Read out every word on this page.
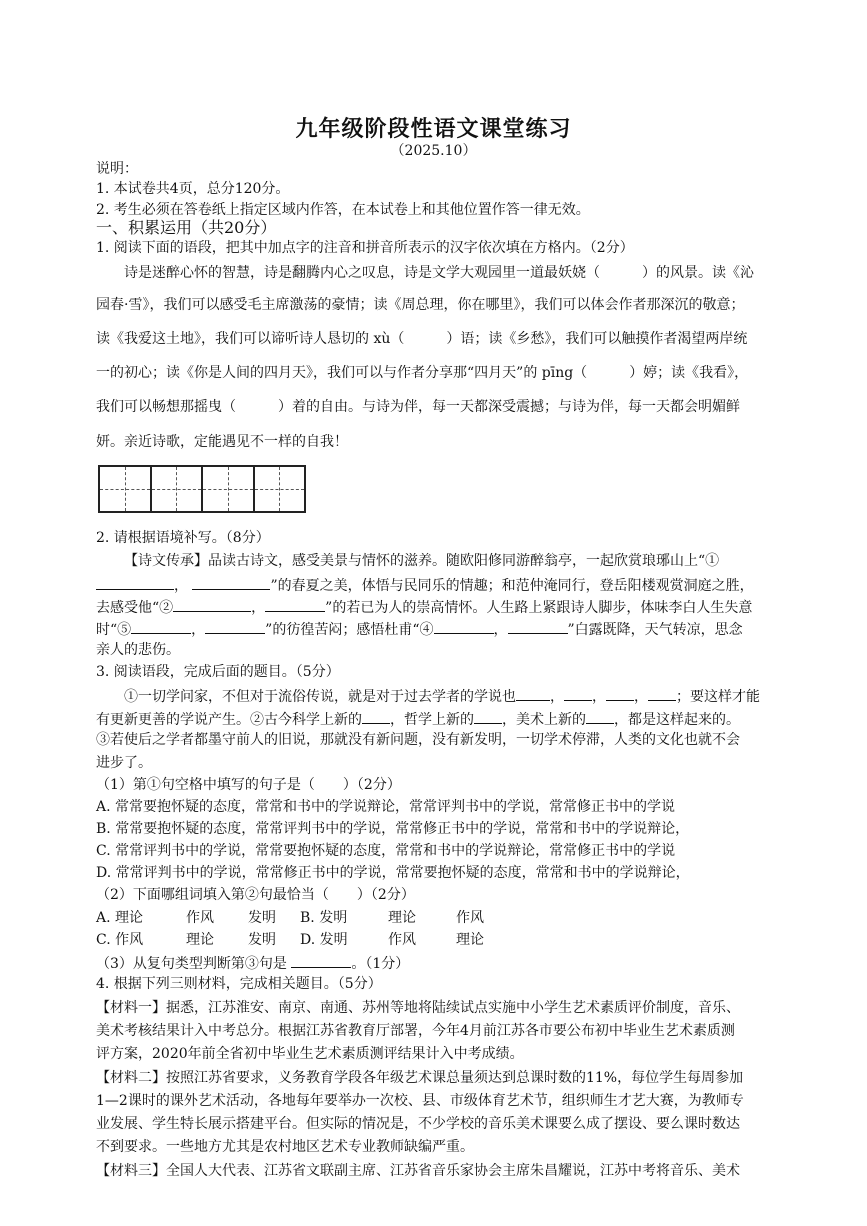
九年级阶段性语文课堂练习
（2025.10）
说明：
1. 本试卷共4页，总分120分。
2. 考生必须在答卷纸上指定区域内作答，在本试卷上和其他位置作答一律无效。
一、积累运用（共20分）
1. 阅读下面的语段，把其中加点字的注音和拼音所表示的汉字依次填在方格内。（2分）
诗是迷醉心怀的智慧，诗是翻腾内心之叹息，诗是文学大观园里一道最妖娆（	）的风景。读《沁
园春·雪》，我们可以感受毛主席激荡的豪情；读《周总理，你在哪里》，我们可以体会作者那深沉的敬意；
读《我爱这土地》，我们可以谛听诗人恳切的 xù（	）语；读《乡愁》，我们可以触摸作者渴望两岸统
一的初心；读《你是人间的四月天》，我们可以与作者分享那“四月天”的 pīng（	）婷；读《我看》，
我们可以畅想那摇曳（	）着的自由。与诗为伴，每一天都深受震撼；与诗为伴，每一天都会明媚鲜
妍。亲近诗歌，定能遇见不一样的自我！
2. 请根据语境补写。（8分）
【诗文传承】品读古诗文，感受美景与情怀的滋养。随欧阳修同游醉翁亭，一起欣赏琅琊山上“①
，	”的春夏之美，体悟与民同乐的情趣；和范仲淹同行，登岳阳楼观赏洞庭之胜，
去感受他“②	，	”的若已为人的崇高情怀。人生路上紧跟诗人脚步，体味李白人生失意
时“⑤	，	”的彷徨苦闷；感悟杜甫“④	，	”白露既降，天气转凉，思念
亲人的悲伤。
3. 阅读语段，完成后面的题目。（5分）
①一切学问家，不但对于流俗传说，就是对于过去学者的学说也 ， ， ， ；要这样才能
有更新更善的学说产生。②古今科学上新的 ，哲学上新的 ，美术上新的 ，都是这样起来的。
③若使后之学者都墨守前人的旧说，那就没有新问题，没有新发明，一切学术停滞，人类的文化也就不会
进步了。
（1）第①句空格中填写的句子是（　　）（2分）
A. 常常要抱怀疑的态度，常常和书中的学说辩论，常常评判书中的学说，常常修正书中的学说
B. 常常要抱怀疑的态度，常常评判书中的学说，常常修正书中的学说，常常和书中的学说辩论，
C. 常常评判书中的学说，常常要抱怀疑的态度，常常和书中的学说辩论，常常修正书中的学说
D. 常常评判书中的学说，常常修正书中的学说，常常要抱怀疑的态度，常常和书中的学说辩论，
（2）下面哪组词填入第②句最恰当（　　）（2分）
A. 理论	作风 发明 B. 发明	理论	作风
C. 作风	理论 发明 D. 发明	作风	理论
（3）从复句类型判断第③句是	。（1分）
4. 根据下列三则材料，完成相关题目。（5分）
【材料一】据悉，江苏淮安、南京、南通、苏州等地将陆续试点实施中小学生艺术素质评价制度，音乐、
美术考核结果计入中考总分。根据江苏省教育厅部署，今年4月前江苏各市要公布初中毕业生艺术素质测
评方案，2020年前全省初中毕业生艺术素质测评结果计入中考成绩。
【材料二】按照江苏省要求，义务教育学段各年级艺术课总量须达到总课时数的11%，每位学生每周参加
1—2课时的课外艺术活动，各地每年要举办一次校、县、市级体育艺术节，组织师生才艺大赛，为教师专
业发展、学生特长展示搭建平台。但实际的情况是，不少学校的音乐美术课要么成了摆设、要么课时数达
不到要求。一些地方尤其是农村地区艺术专业教师缺编严重。
【材料三】全国人大代表、江苏省文联副主席、江苏省音乐家协会主席朱昌耀说，江苏中考将音乐、美术
